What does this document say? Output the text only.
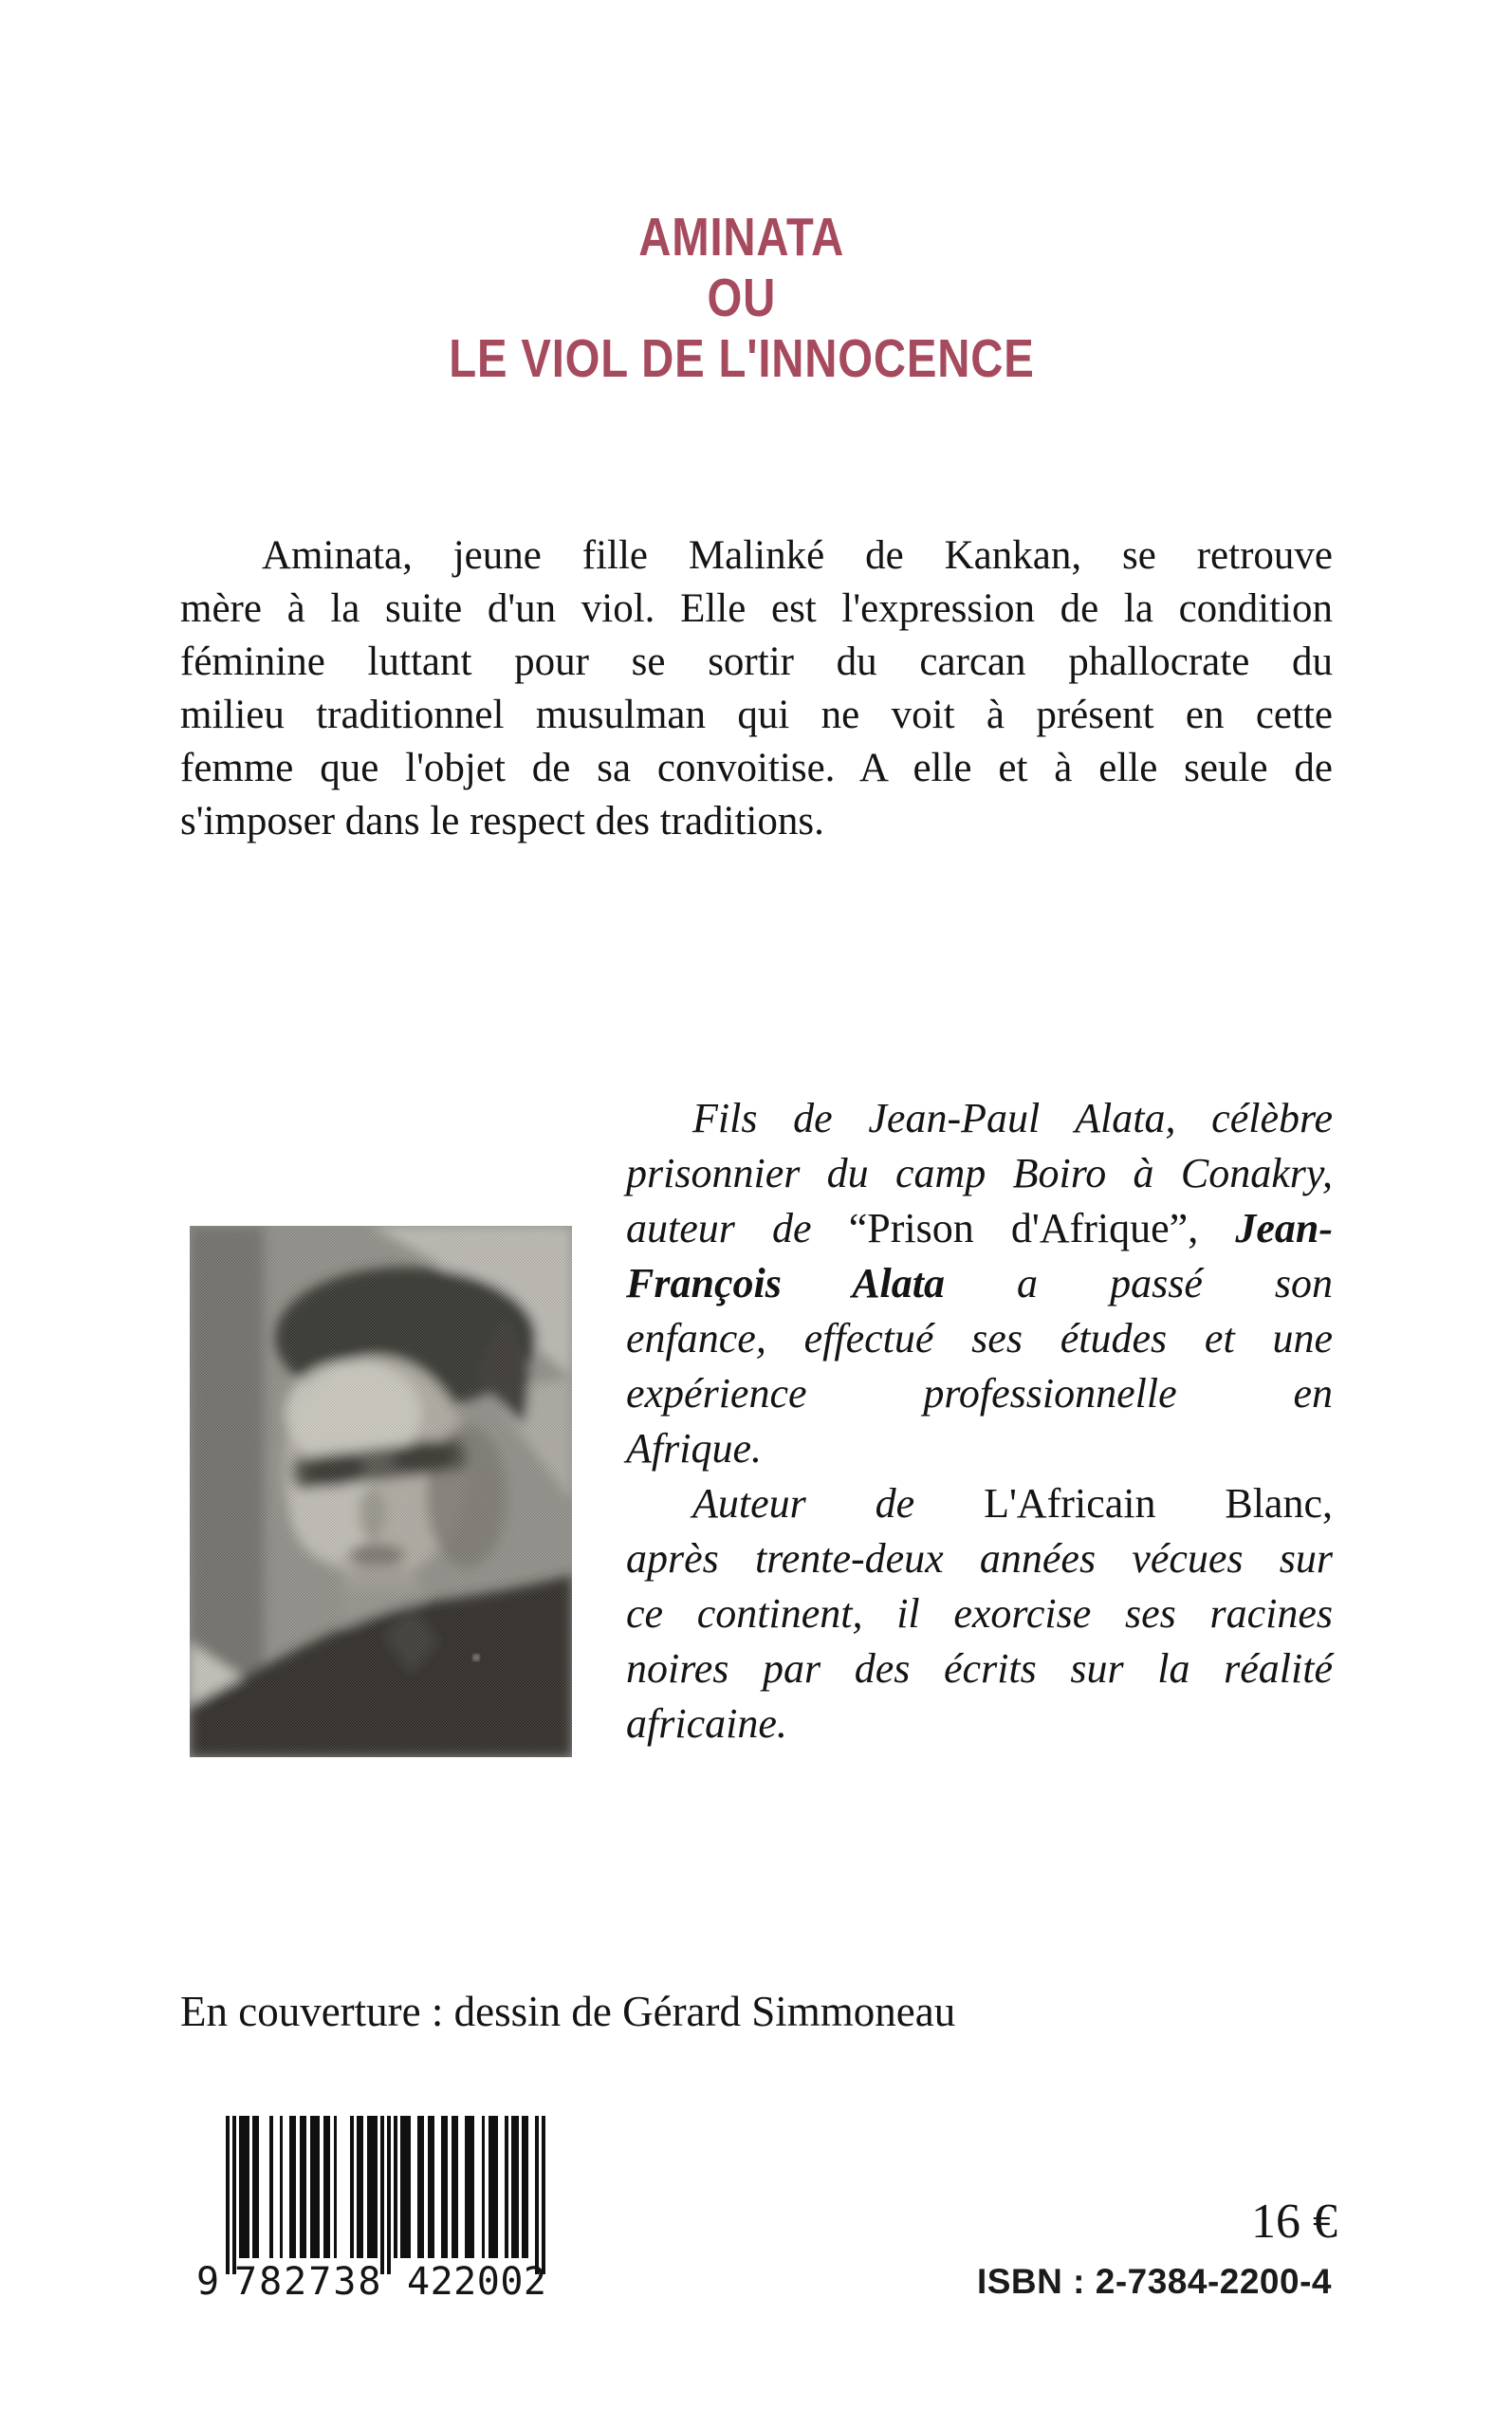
AMINATA
OU
LE VIOL DE L'INNOCENCE
Aminata, jeune fille Malinké de Kankan, se retrouve
mère à la suite d'un viol. Elle est l'expression de la condition
féminine luttant pour se sortir du carcan phallocrate du
milieu traditionnel musulman qui ne voit à présent en cette
femme que l'objet de sa convoitise. A elle et à elle seule de
s'imposer dans le respect des traditions.
Fils de Jean-Paul Alata, célèbre
prisonnier du camp Boiro à Conakry,
auteur de “Prison d'Afrique”, Jean-
François Alata a passé son
enfance, effectué ses études et une
expérience professionnelle en
Afrique.
Auteur de L'Africain Blanc,
après trente-deux années vécues sur
ce continent, il exorcise ses racines
noires par des écrits sur la réalité
africaine.
En couverture : dessin de Gérard Simmoneau
9 782738 422002
16 €
ISBN : 2-7384-2200-4
